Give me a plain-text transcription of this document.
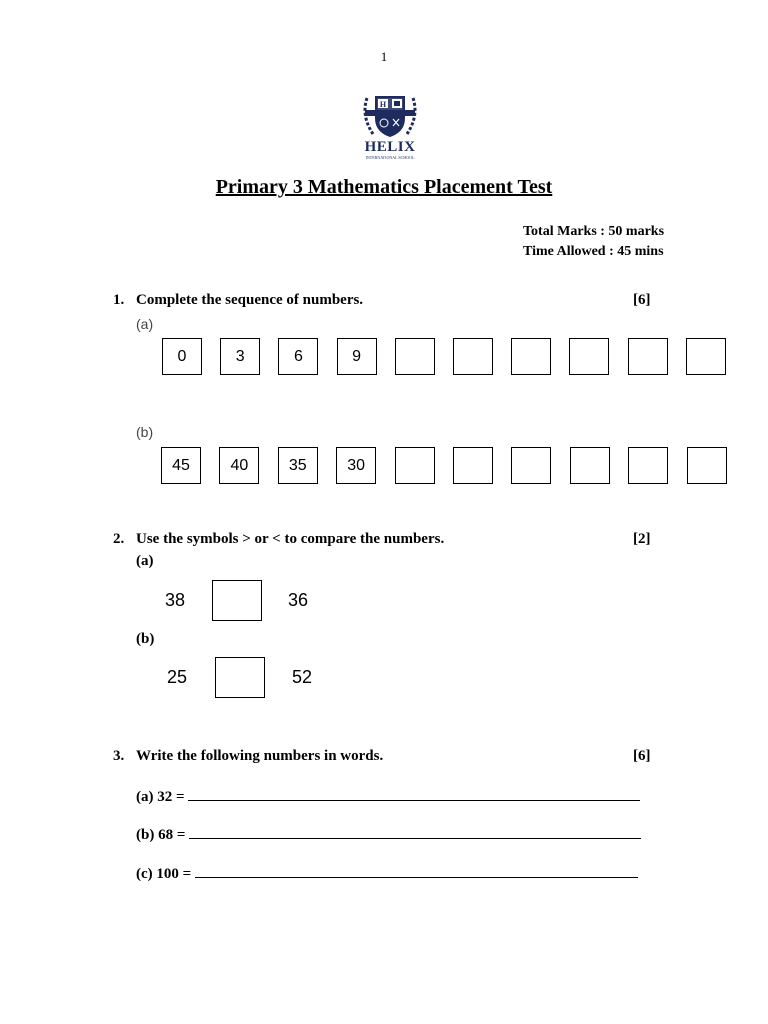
1
H
HELIX
INTERNATIONAL SCHOOL
Primary 3 Mathematics Placement Test
Total Marks : 50 marks
Time Allowed : 45 mins
1. Complete the sequence of numbers.	[6]
(a)
0	3	6	9
(b)
45	40	35	30
2. Use the symbols > or < to compare the numbers.	[2]
(a)
38	36
(b)
25	52
3. Write the following numbers in words.	[6]
(a) 32 =
(b) 68 =
(c) 100 =
